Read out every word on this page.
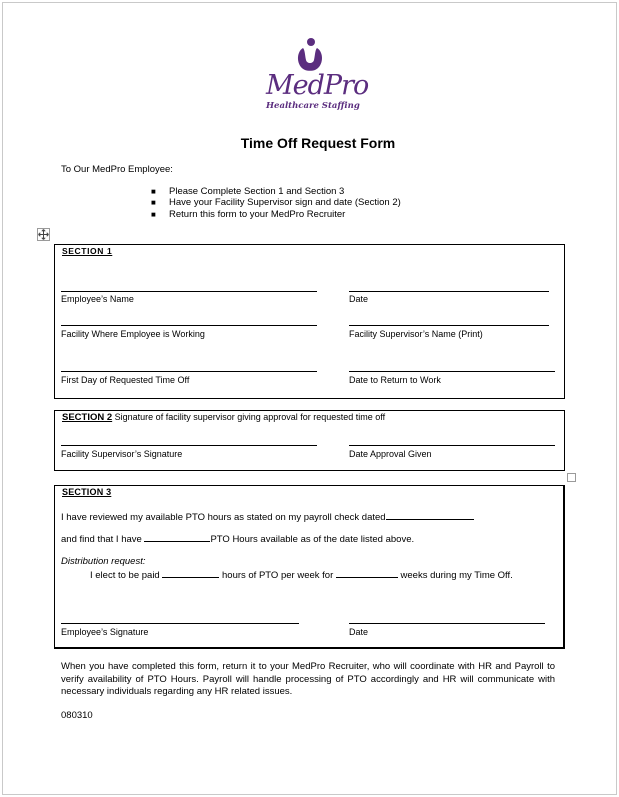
MedPro
Healthcare Staffing
Time Off Request Form
To Our MedPro Employee:
■ Please Complete Section 1 and Section 3
■ Have your Facility Supervisor sign and date (Section 2)
■ Return this form to your MedPro Recruiter
SECTION 1
Employee’s Name	Date
Facility Where Employee is Working	Facility Supervisor’s Name (Print)
First Day of Requested Time Off	Date to Return to Work
SECTION 2 Signature of facility supervisor giving approval for requested time off
Facility Supervisor’s Signature	Date Approval Given
SECTION 3
I have reviewed my available PTO hours as stated on my payroll check dated
and find that I have	PTO Hours available as of the date listed above.
Distribution request:
I elect to be paid	hours of PTO per week for	weeks during my Time Off.
Employee’s Signature	Date
When you have completed this form, return it to your MedPro Recruiter, who will coordinate with HR and Payroll to verify availability of PTO Hours. Payroll will handle processing of PTO accordingly and HR will communicate with necessary individuals regarding any HR related issues.
080310
